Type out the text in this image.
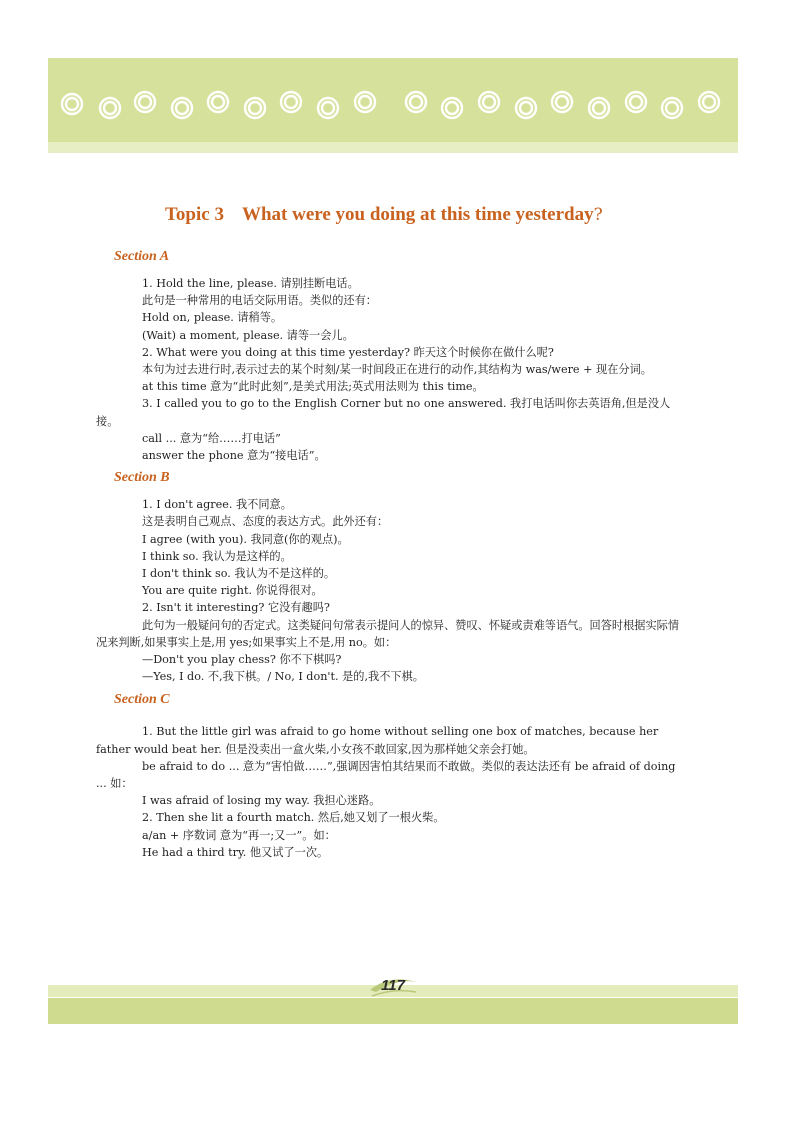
Topic 3 What were you doing at this time yesterday?
Section A
1. Hold the line, please. 请别挂断电话。
此句是一种常用的电话交际用语。类似的还有：
Hold on, please. 请稍等。
(Wait) a moment, please. 请等一会儿。
2. What were you doing at this time yesterday? 昨天这个时候你在做什么呢?
本句为过去进行时,表示过去的某个时刻/某一时间段正在进行的动作,其结构为 was/were + 现在分词。
at this time 意为“此时此刻”,是美式用法;英式用法则为 this time。
3. I called you to go to the English Corner but no one answered. 我打电话叫你去英语角,但是没人接。
call ... 意为“给……打电话”
answer the phone 意为“接电话”。
Section B
1. I don't agree. 我不同意。
这是表明自己观点、态度的表达方式。此外还有：
I agree (with you). 我同意(你的观点)。
I think so. 我认为是这样的。
I don't think so. 我认为不是这样的。
You are quite right. 你说得很对。
2. Isn't it interesting? 它没有趣吗?
此句为一般疑问句的否定式。这类疑问句常表示提问人的惊异、赞叹、怀疑或责难等语气。回答时根据实际情况来判断,如果事实上是,用 yes;如果事实上不是,用 no。如：
—Don't you play chess? 你不下棋吗?
—Yes, I do. 不,我下棋。/ No, I don't. 是的,我不下棋。
Section C
1. But the little girl was afraid to go home without selling one box of matches, because her father would beat her. 但是没卖出一盒火柴,小女孩不敢回家,因为那样她父亲会打她。
be afraid to do ... 意为“害怕做……”,强调因害怕其结果而不敢做。类似的表达法还有 be afraid of doing ... 如：
I was afraid of losing my way. 我担心迷路。
2. Then she lit a fourth match. 然后,她又划了一根火柴。
a/an + 序数词 意为“再一;又一”。如：
He had a third try. 他又试了一次。
117
